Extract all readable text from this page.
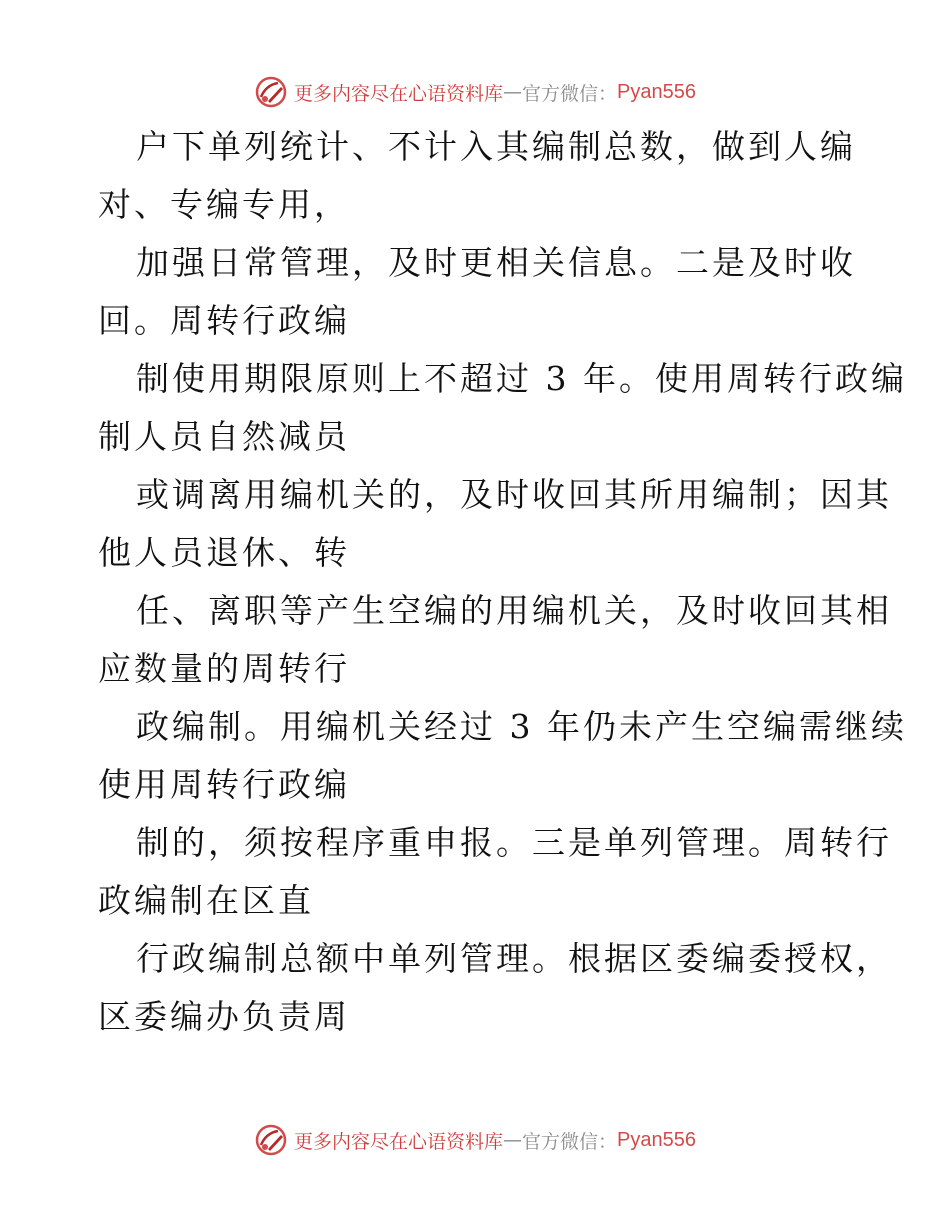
更多内容尽在心语资料库 — 官方微信： Pyan556

户下单列统计、不计入其编制总数，做到人编
对、专编专用，

加强日常管理，及时更相关信息。二是及时收
回。周转行政编

制使用期限原则上不超过 3 年。使用周转行政编
制人员自然减员

或调离用编机关的，及时收回其所用编制；因其
他人员退休、转

任、离职等产生空编的用编机关，及时收回其相
应数量的周转行

政编制。用编机关经过 3 年仍未产生空编需继续
使用周转行政编

制的，须按程序重申报。三是单列管理。周转行
政编制在区直

行政编制总额中单列管理。根据区委编委授权，
区委编办负责周

更多内容尽在心语资料库 — 官方微信： Pyan556
